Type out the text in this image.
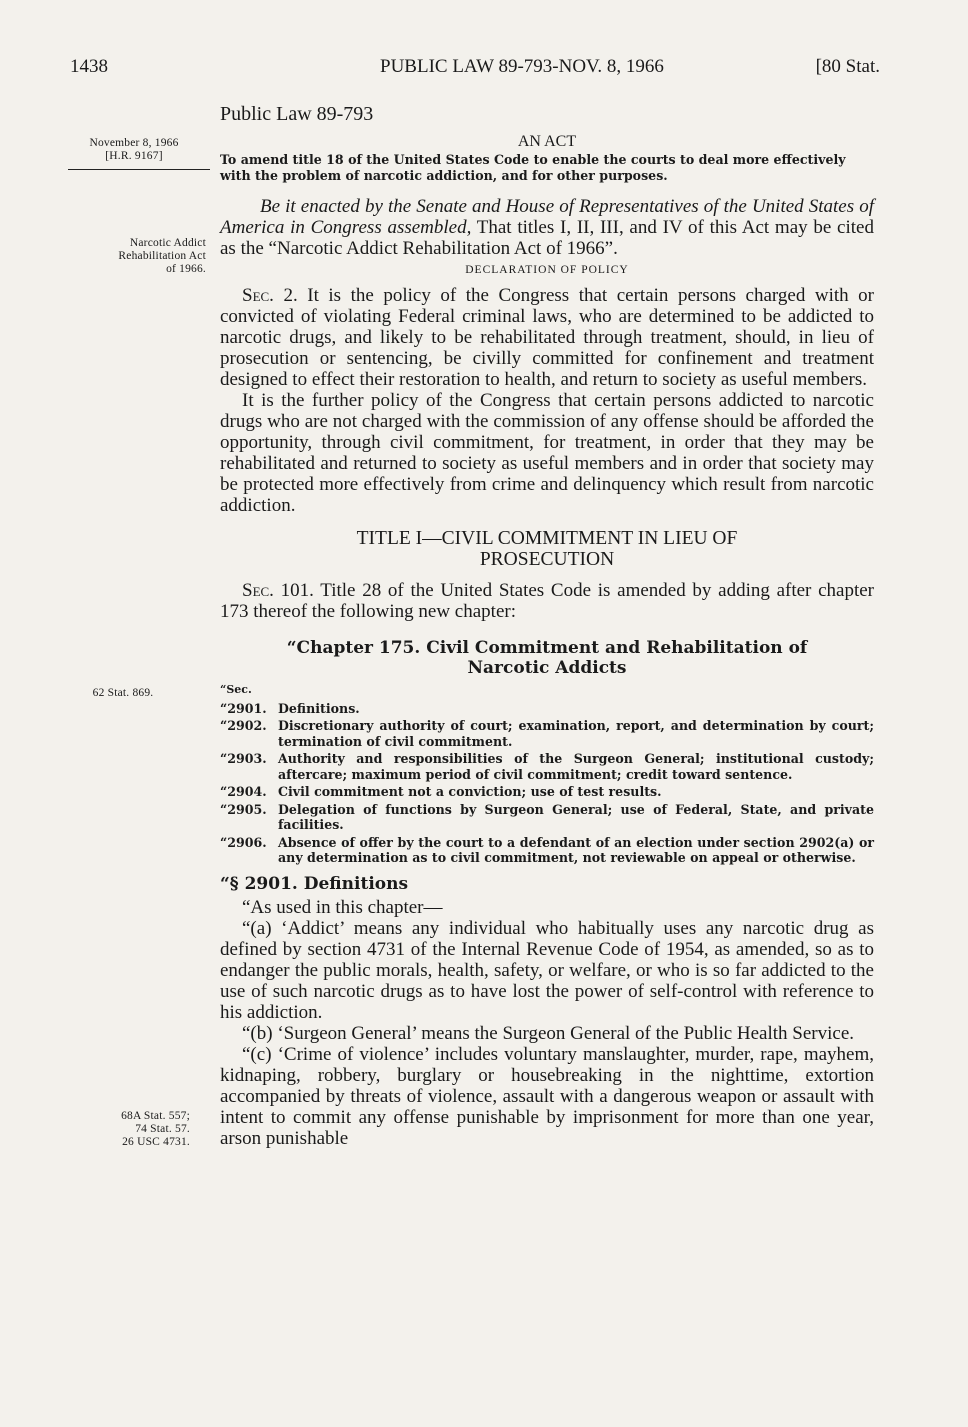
1438	PUBLIC LAW 89-793-NOV. 8, 1966	[80 Stat.
November 8, 1966
[H.R. 9167]
Narcotic Addict
Rehabilitation Act
of 1966.
62 Stat. 869.
68A Stat. 557;
74 Stat. 57.
26 USC 4731.
Public Law 89-793
AN ACT
To amend title 18 of the United States Code to enable the courts to deal more effectively with the problem of narcotic addiction, and for other purposes.
Be it enacted by the Senate and House of Representatives of the United States of America in Congress assembled, That titles I, II, III, and IV of this Act may be cited as the “Narcotic Addict Rehabilitation Act of 1966”.
DECLARATION OF POLICY

Sec. 2. It is the policy of the Congress that certain persons charged with or convicted of violating Federal criminal laws, who are determined to be addicted to narcotic drugs, and likely to be rehabilitated through treatment, should, in lieu of prosecution or sentencing, be civilly committed for confinement and treatment designed to effect their restoration to health, and return to society as useful members.

It is the further policy of the Congress that certain persons addicted to narcotic drugs who are not charged with the commission of any offense should be afforded the opportunity, through civil commitment, for treatment, in order that they may be rehabilitated and returned to society as useful members and in order that society may be protected more effectively from crime and delinquency which result from narcotic addiction.

TITLE I—CIVIL COMMITMENT IN LIEU OF
PROSECUTION

Sec. 101. Title 28 of the United States Code is amended by adding after chapter 173 thereof the following new chapter:

“Chapter 175. Civil Commitment and Rehabilitation of
Narcotic Addicts
“Sec.
“2901. Definitions.
“2902. Discretionary authority of court; examination, report, and determination by court; termination of civil commitment.
“2903. Authority and responsibilities of the Surgeon General; institutional custody; aftercare; maximum period of civil commitment; credit toward sentence.
“2904. Civil commitment not a conviction; use of test results.
“2905. Delegation of functions by Surgeon General; use of Federal, State, and private facilities.
“2906. Absence of offer by the court to a defendant of an election under section 2902(a) or any determination as to civil commitment, not reviewable on appeal or otherwise.
“§ 2901. Definitions

“As used in this chapter—

“(a) ‘Addict’ means any individual who habitually uses any narcotic drug as defined by section 4731 of the Internal Revenue Code of 1954, as amended, so as to endanger the public morals, health, safety, or welfare, or who is so far addicted to the use of such narcotic drugs as to have lost the power of self-control with reference to his addiction.

“(b) ‘Surgeon General’ means the Surgeon General of the Public Health Service.

“(c) ‘Crime of violence’ includes voluntary manslaughter, murder, rape, mayhem, kidnaping, robbery, burglary or housebreaking in the nighttime, extortion accompanied by threats of violence, assault with a dangerous weapon or assault with intent to commit any offense punishable by imprisonment for more than one year, arson punishable
